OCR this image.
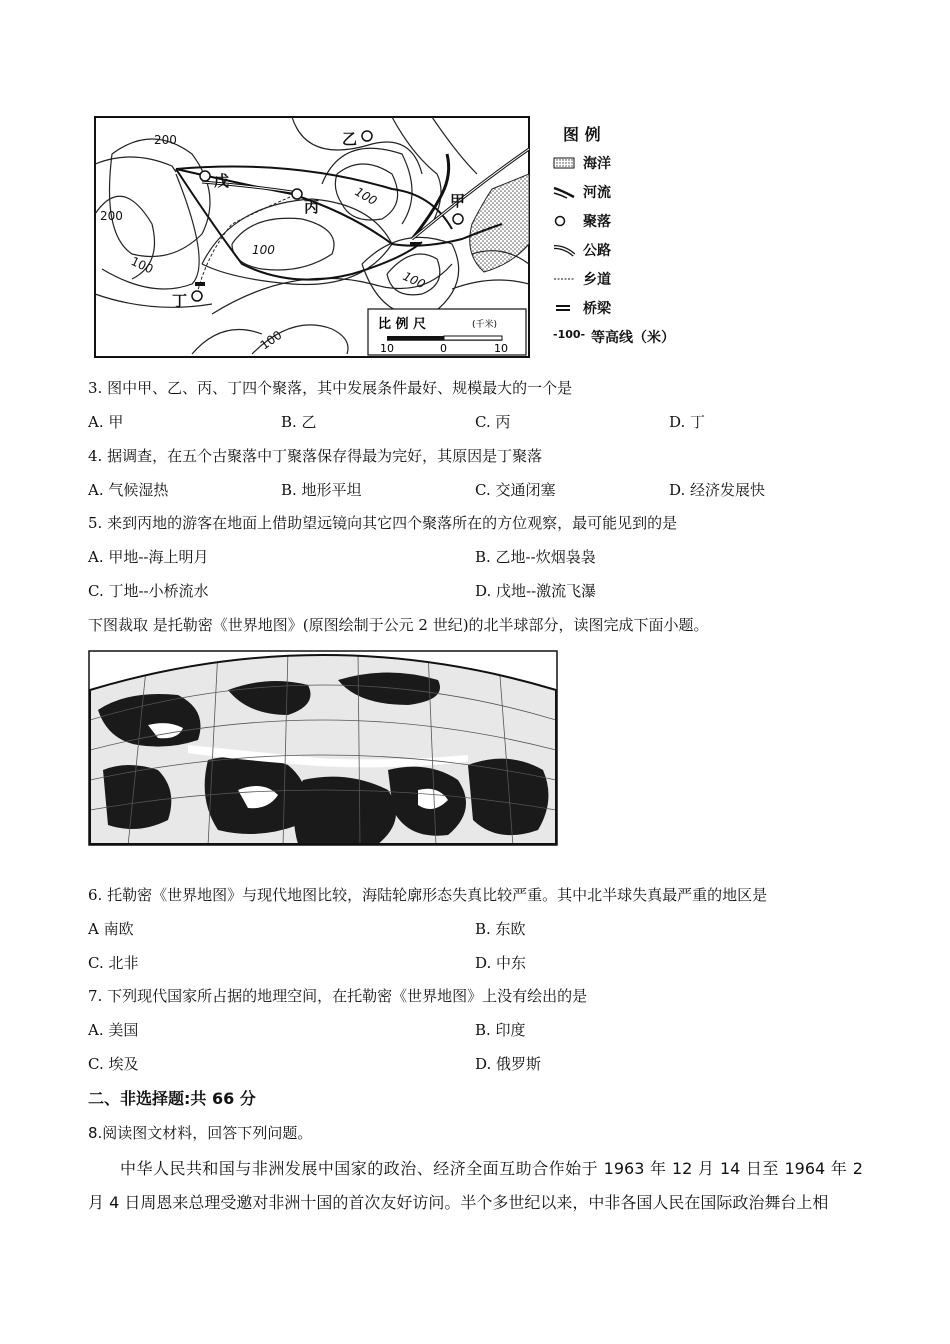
戊
丙
乙
甲
丁
200
200
100
100
100
100
100
比 例 尺	(千米)
10	0	10
图 例
海洋
河流
聚落
公路
乡道
桥梁
-100- 等高线（米）
3. 图中甲、乙、丙、丁四个聚落，其中发展条件最好、规模最大的一个是
A. 甲	B. 乙	C. 丙	D. 丁
4. 据调查，在五个古聚落中丁聚落保存得最为完好，其原因是丁聚落
A. 气候湿热	B. 地形平坦	C. 交通闭塞	D. 经济发展快
5. 来到丙地的游客在地面上借助望远镜向其它四个聚落所在的方位观察，最可能见到的是
A. 甲地--海上明月	B. 乙地--炊烟袅袅
C. 丁地--小桥流水	D. 戊地--激流飞瀑
下图裁取 是托勒密《世界地图》(原图绘制于公元 2 世纪)的北半球部分，读图完成下面小题。
6. 托勒密《世界地图》与现代地图比较，海陆轮廓形态失真比较严重。其中北半球失真最严重的地区是
A 南欧	B. 东欧
C. 北非	D. 中东
7. 下列现代国家所占据的地理空间，在托勒密《世界地图》上没有绘出的是
A. 美国	B. 印度
C. 埃及	D. 俄罗斯
二、非选择题:共 66 分
8.阅读图文材料，回答下列问题。
中华人民共和国与非洲发展中国家的政治、经济全面互助合作始于 1963 年 12 月 14 日至 1964 年 2 月 4 日周恩来总理受邀对非洲十国的首次友好访问。半个多世纪以来，中非各国人民在国际政治舞台上相
